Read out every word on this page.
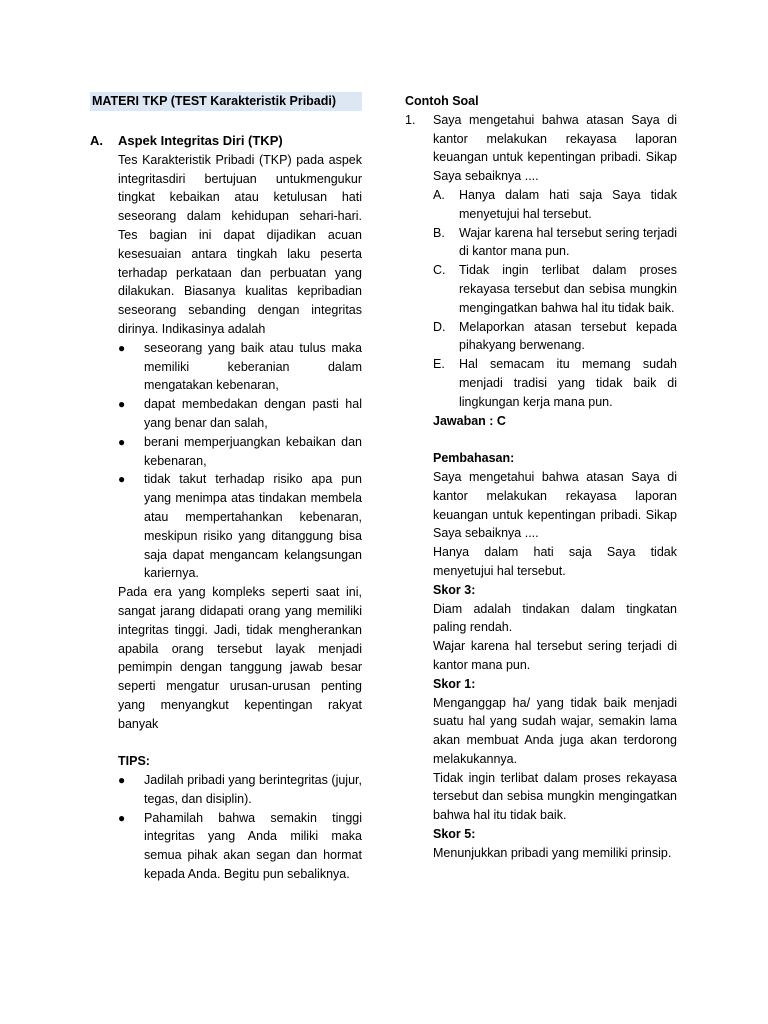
MATERI TKP (TEST Karakteristik Pribadi)
A.	Aspek Integritas Diri (TKP)
Tes Karakteristik Pribadi (TKP) pada aspek integritasdiri bertujuan untukmengukur tingkat kebaikan atau ketulusan hati seseorang dalam kehidupan sehari-hari. Tes bagian ini dapat dijadikan acuan kesesuaian antara tingkah laku peserta terhadap perkataan dan perbuatan yang dilakukan. Biasanya kualitas kepribadian seseorang sebanding dengan integritas dirinya. Indikasinya adalah
●	seseorang yang baik atau tulus maka memiliki keberanian dalam mengatakan kebenaran,
●	dapat membedakan dengan pasti hal yang benar dan salah,
●	berani memperjuangkan kebaikan dan kebenaran,
●	tidak takut terhadap risiko apa pun yang menimpa atas tindakan membela atau mempertahankan kebenaran, meskipun risiko yang ditanggung bisa saja dapat mengancam kelangsungan kariernya.
Pada era yang kompleks seperti saat ini, sangat jarang didapati orang yang memiliki integritas tinggi. Jadi, tidak mengherankan apabila orang tersebut layak menjadi pemimpin dengan tanggung jawab besar seperti mengatur urusan-urusan penting yang menyangkut kepentingan rakyat banyak
TIPS:
●	Jadilah pribadi yang berintegritas (jujur, tegas, dan disiplin).
●	Pahamilah bahwa semakin tinggi integritas yang Anda miliki maka semua pihak akan segan dan hormat kepada Anda. Begitu pun sebaliknya.
Contoh Soal
1.	Saya mengetahui bahwa atasan Saya di kantor melakukan rekayasa laporan keuangan untuk kepentingan pribadi. Sikap Saya sebaiknya ....
A.	Hanya dalam hati saja Saya tidak menyetujui hal tersebut.
B.	Wajar karena hal tersebut sering terjadi di kantor mana pun.
C.	Tidak ingin terlibat dalam proses rekayasa tersebut dan sebisa mungkin mengingatkan bahwa hal itu tidak baik.
D.	Melaporkan atasan tersebut kepada pihakyang berwenang.
E.	Hal semacam itu memang sudah menjadi tradisi yang tidak baik di lingkungan kerja mana pun.
Jawaban : C
Pembahasan:
Saya mengetahui bahwa atasan Saya di kantor melakukan rekayasa laporan keuangan untuk kepentingan pribadi. Sikap Saya sebaiknya ....
Hanya dalam hati saja Saya tidak menyetujui hal tersebut.
Skor 3:
Diam adalah tindakan dalam tingkatan paling rendah.
Wajar karena hal tersebut sering terjadi di kantor mana pun.
Skor 1:
Menganggap ha/ yang tidak baik menjadi suatu hal yang sudah wajar, semakin lama akan membuat Anda juga akan terdorong melakukannya.
Tidak ingin terlibat dalam proses rekayasa tersebut dan sebisa mungkin mengingatkan bahwa hal itu tidak baik.
Skor 5:
Menunjukkan pribadi yang memiliki prinsip.
